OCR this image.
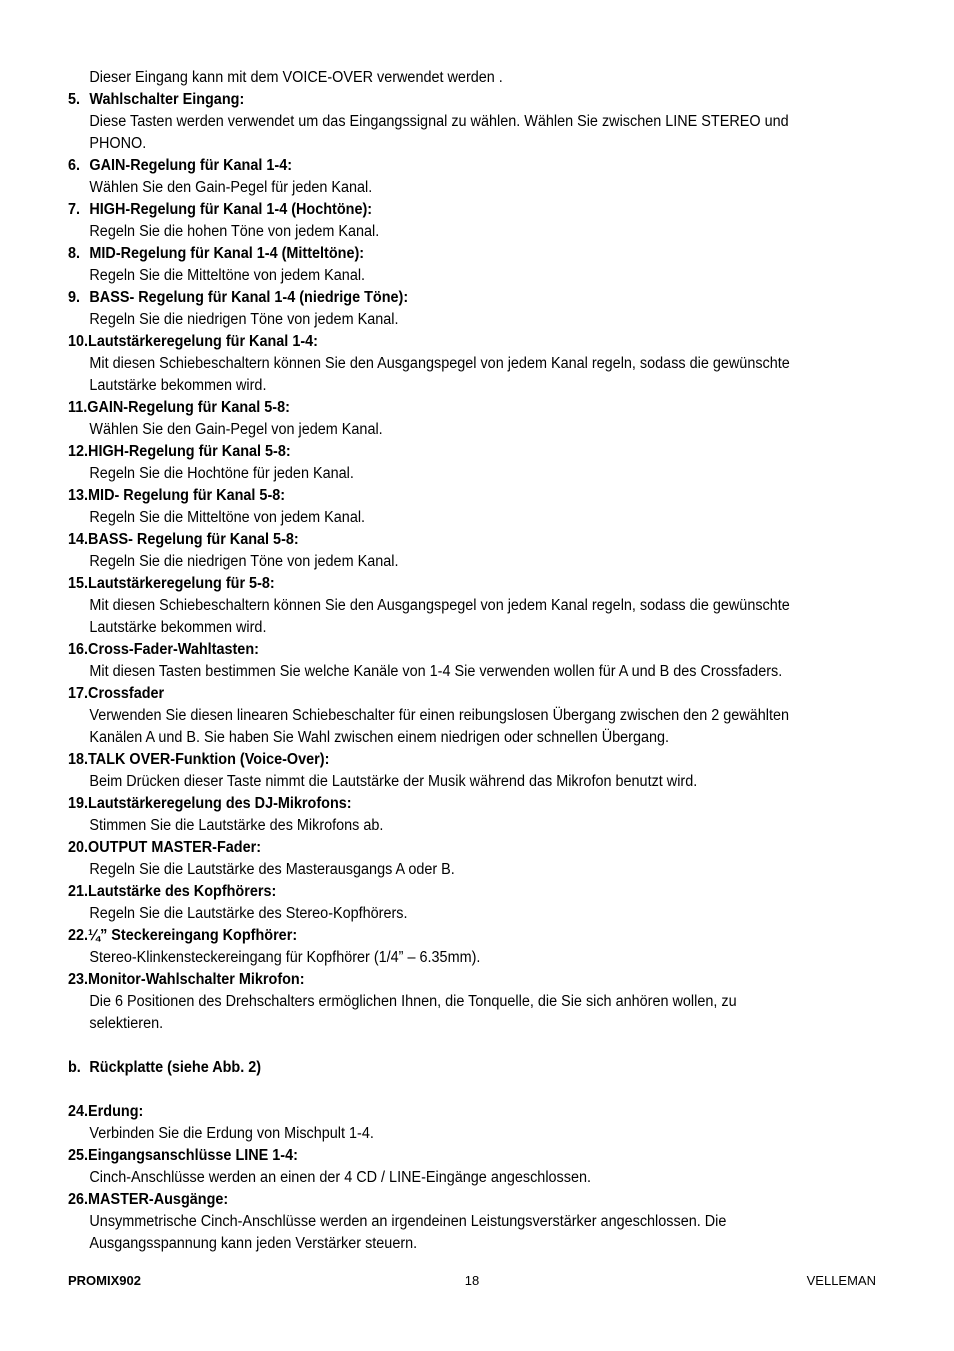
Dieser Eingang kann mit dem VOICE-OVER verwendet werden .
5. Wahlschalter Eingang:
Diese Tasten werden verwendet um das Eingangssignal zu wählen. Wählen Sie zwischen LINE STEREO und PHONO.
6. GAIN-Regelung für Kanal 1-4:
Wählen Sie den Gain-Pegel für jeden Kanal.
7. HIGH-Regelung für Kanal 1-4 (Hochtöne):
Regeln Sie die hohen Töne von jedem Kanal.
8. MID-Regelung für Kanal 1-4 (Mitteltöne):
Regeln Sie die Mitteltöne von jedem Kanal.
9. BASS- Regelung für Kanal 1-4 (niedrige Töne):
Regeln Sie die niedrigen Töne von jedem Kanal.
10. Lautstärkeregelung für Kanal 1-4:
Mit diesen Schiebeschaltern können Sie den Ausgangspegel von jedem Kanal regeln, sodass die gewünschte Lautstärke bekommen wird.
11. GAIN-Regelung für Kanal 5-8:
Wählen Sie den Gain-Pegel von jedem Kanal.
12. HIGH-Regelung für Kanal 5-8:
Regeln Sie die Hochtöne für jeden Kanal.
13. MID- Regelung für Kanal 5-8:
Regeln Sie die Mitteltöne von jedem Kanal.
14. BASS- Regelung für Kanal 5-8:
Regeln Sie die niedrigen Töne von jedem Kanal.
15. Lautstärkeregelung für 5-8:
Mit diesen Schiebeschaltern können Sie den Ausgangspegel von jedem Kanal regeln, sodass die gewünschte Lautstärke bekommen wird.
16. Cross-Fader-Wahltasten:
Mit diesen Tasten bestimmen Sie welche Kanäle von 1-4 Sie verwenden wollen für A und B des Crossfaders.
17. Crossfader
Verwenden Sie diesen linearen Schiebeschalter für einen reibungslosen Übergang zwischen den 2 gewählten Kanälen A und B. Sie haben Sie Wahl zwischen einem niedrigen oder schnellen Übergang.
18. TALK OVER-Funktion (Voice-Over):
Beim Drücken dieser Taste nimmt die Lautstärke der Musik während das Mikrofon benutzt wird.
19. Lautstärkeregelung des DJ-Mikrofons:
Stimmen Sie die Lautstärke des Mikrofons ab.
20. OUTPUT MASTER-Fader:
Regeln Sie die Lautstärke des Masterausgangs A oder B.
21. Lautstärke des Kopfhörers:
Regeln Sie die Lautstärke des Stereo-Kopfhörers.
22. ¼” Steckereingang Kopfhörer:
Stereo-Klinkensteckereingang für Kopfhörer (1/4” – 6.35mm).
23. Monitor-Wahlschalter Mikrofon:
Die 6 Positionen des Drehschalters ermöglichen Ihnen, die Tonquelle, die Sie sich anhören wollen, zu selektieren.
b. Rückplatte (siehe Abb. 2)
24. Erdung:
Verbinden Sie die Erdung von Mischpult 1-4.
25. Eingangsanschlüsse LINE 1-4:
Cinch-Anschlüsse werden an einen der 4 CD / LINE-Eingänge angeschlossen.
26. MASTER-Ausgänge:
Unsymmetrische Cinch-Anschlüsse werden an irgendeinen Leistungsverstärker angeschlossen. Die Ausgangsspannung kann jeden Verstärker steuern.
PROMIX902	18	VELLEMAN
